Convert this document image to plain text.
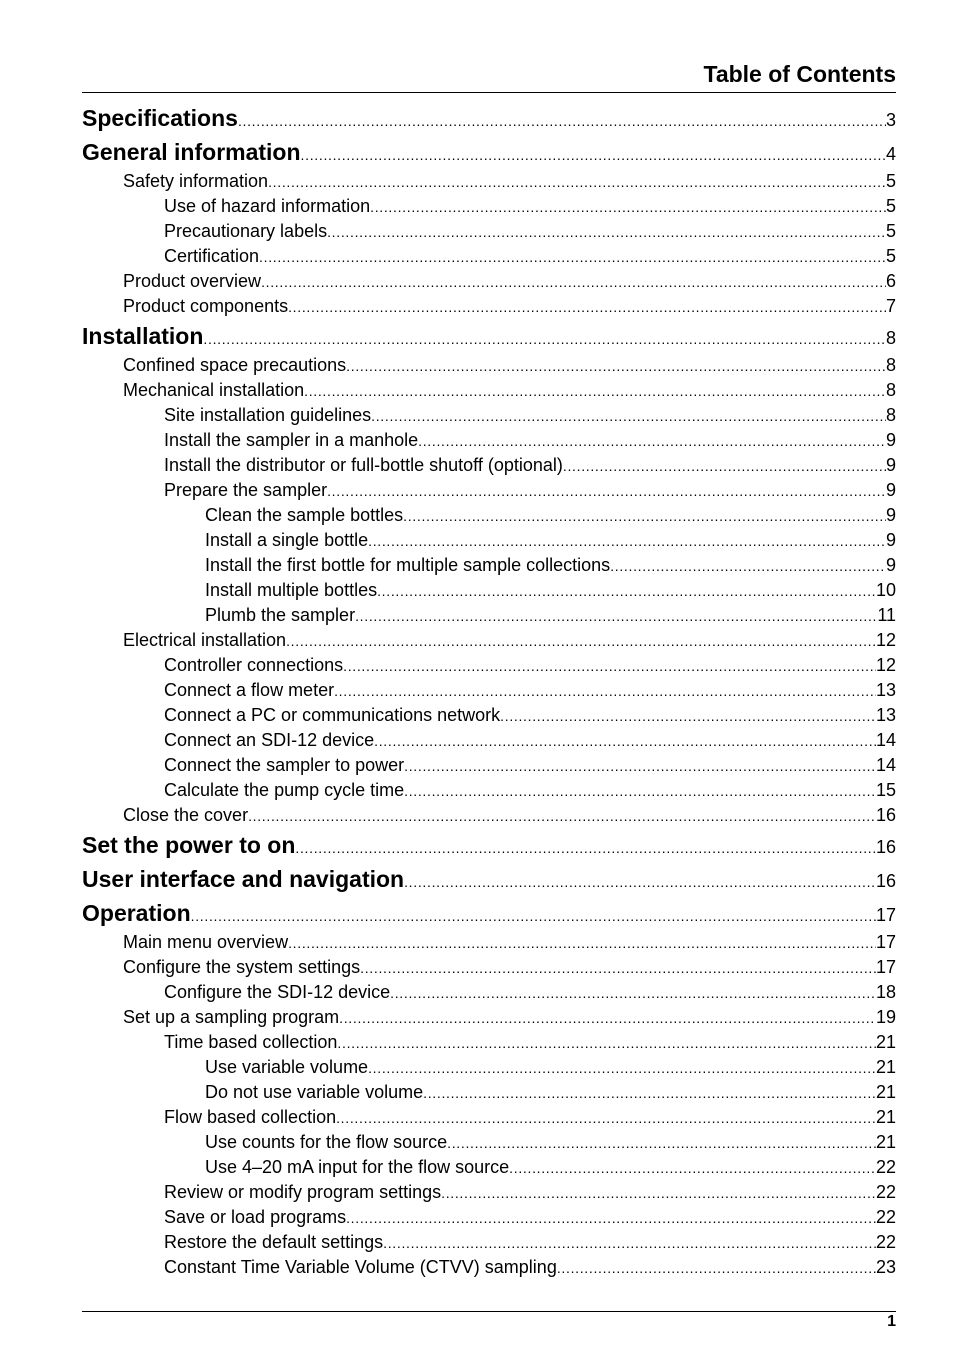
Table of Contents
Specifications . . .	3
General information . . .	4
Safety information . . .	5
Use of hazard information . . .	5
Precautionary labels . . .	5
Certification . . .	5
Product overview . . .	6
Product components . . .	7
Installation . . .	8
Confined space precautions . . .	8
Mechanical installation . . .	8
Site installation guidelines . . .	8
Install the sampler in a manhole . . .	9
Install the distributor or full-bottle shutoff (optional) . . .	9
Prepare the sampler . . .	9
Clean the sample bottles . . .	9
Install a single bottle . . .	9
Install the first bottle for multiple sample collections . . .	9
Install multiple bottles . . .	10
Plumb the sampler . . .	11
Electrical installation . . .	12
Controller connections . . .	12
Connect a flow meter . . .	13
Connect a PC or communications network . . .	13
Connect an SDI-12 device . . .	14
Connect the sampler to power . . .	14
Calculate the pump cycle time . . .	15
Close the cover . . .	16
Set the power to on . . .	16
User interface and navigation . . .	16
Operation . . .	17
Main menu overview . . .	17
Configure the system settings . . .	17
Configure the SDI-12 device . . .	18
Set up a sampling program . . .	19
Time based collection . . .	21
Use variable volume . . .	21
Do not use variable volume . . .	21
Flow based collection . . .	21
Use counts for the flow source . . .	21
Use 4–20 mA input for the flow source . . .	22
Review or modify program settings . . .	22
Save or load programs . . .	22
Restore the default settings . . .	22
Constant Time Variable Volume (CTVV) sampling . . .	23
1
